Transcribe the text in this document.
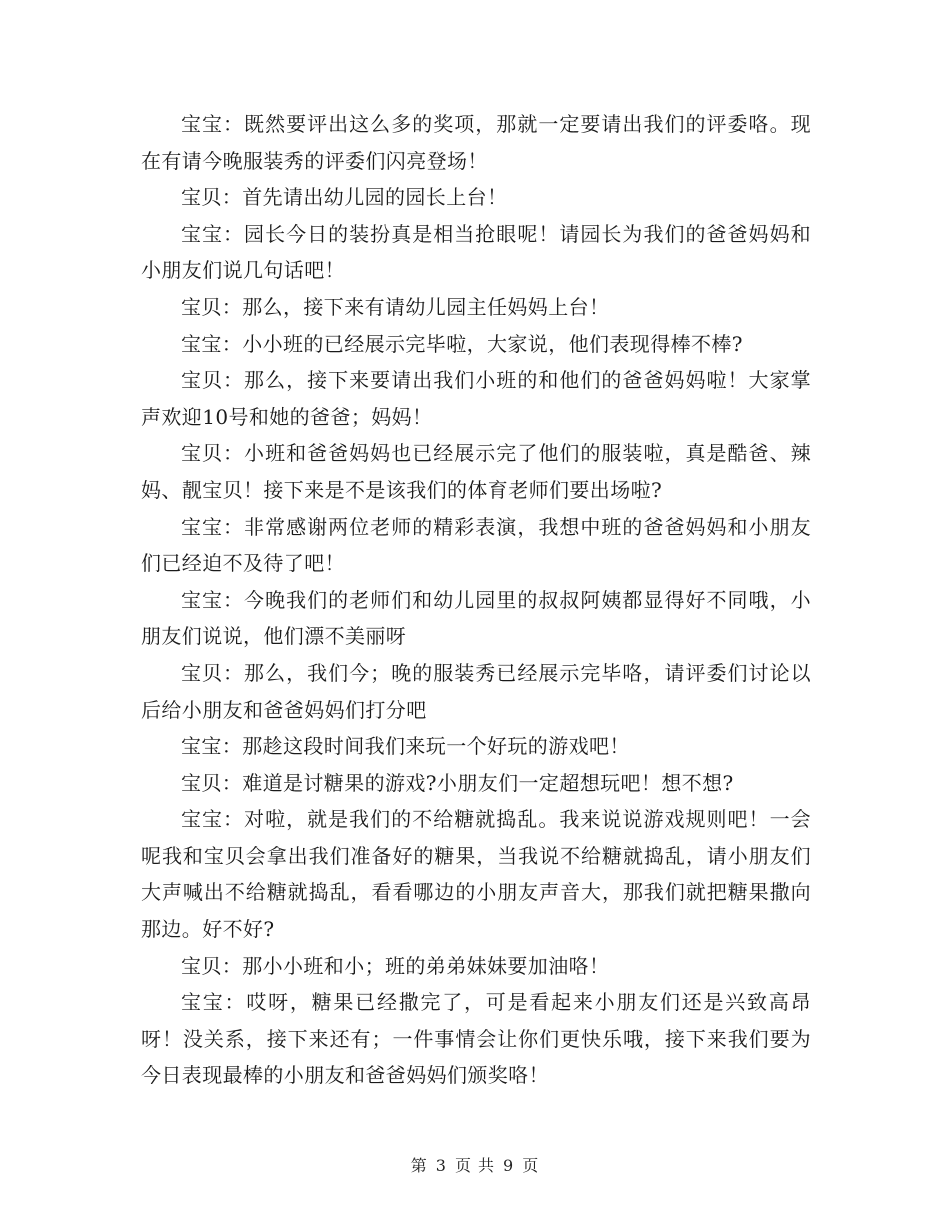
宝宝：既然要评出这么多的奖项，那就一定要请出我们的评委咯。现在有请今晚服装秀的评委们闪亮登场！

宝贝：首先请出幼儿园的园长上台！

宝宝：园长今日的装扮真是相当抢眼呢！请园长为我们的爸爸妈妈和小朋友们说几句话吧！

宝贝：那么，接下来有请幼儿园主任妈妈上台！

宝宝：小小班的已经展示完毕啦，大家说，他们表现得棒不棒?

宝贝：那么，接下来要请出我们小班的和他们的爸爸妈妈啦！大家掌声欢迎10号和她的爸爸；妈妈！

宝贝：小班和爸爸妈妈也已经展示完了他们的服装啦，真是酷爸、辣妈、靓宝贝！接下来是不是该我们的体育老师们要出场啦?

宝宝：非常感谢两位老师的精彩表演，我想中班的爸爸妈妈和小朋友们已经迫不及待了吧！

宝宝：今晚我们的老师们和幼儿园里的叔叔阿姨都显得好不同哦，小朋友们说说，他们漂不美丽呀

宝贝：那么，我们今；晚的服装秀已经展示完毕咯，请评委们讨论以后给小朋友和爸爸妈妈们打分吧

宝宝：那趁这段时间我们来玩一个好玩的游戏吧！

宝贝：难道是讨糖果的游戏?小朋友们一定超想玩吧！想不想?

宝宝：对啦，就是我们的不给糖就捣乱。我来说说游戏规则吧！一会呢我和宝贝会拿出我们准备好的糖果，当我说不给糖就捣乱，请小朋友们大声喊出不给糖就捣乱，看看哪边的小朋友声音大，那我们就把糖果撒向那边。好不好?

宝贝：那小小班和小；班的弟弟妹妹要加油咯！

宝宝：哎呀，糖果已经撒完了，可是看起来小朋友们还是兴致高昂呀！没关系，接下来还有；一件事情会让你们更快乐哦，接下来我们要为今日表现最棒的小朋友和爸爸妈妈们颁奖咯！

第 3 页 共 9 页
